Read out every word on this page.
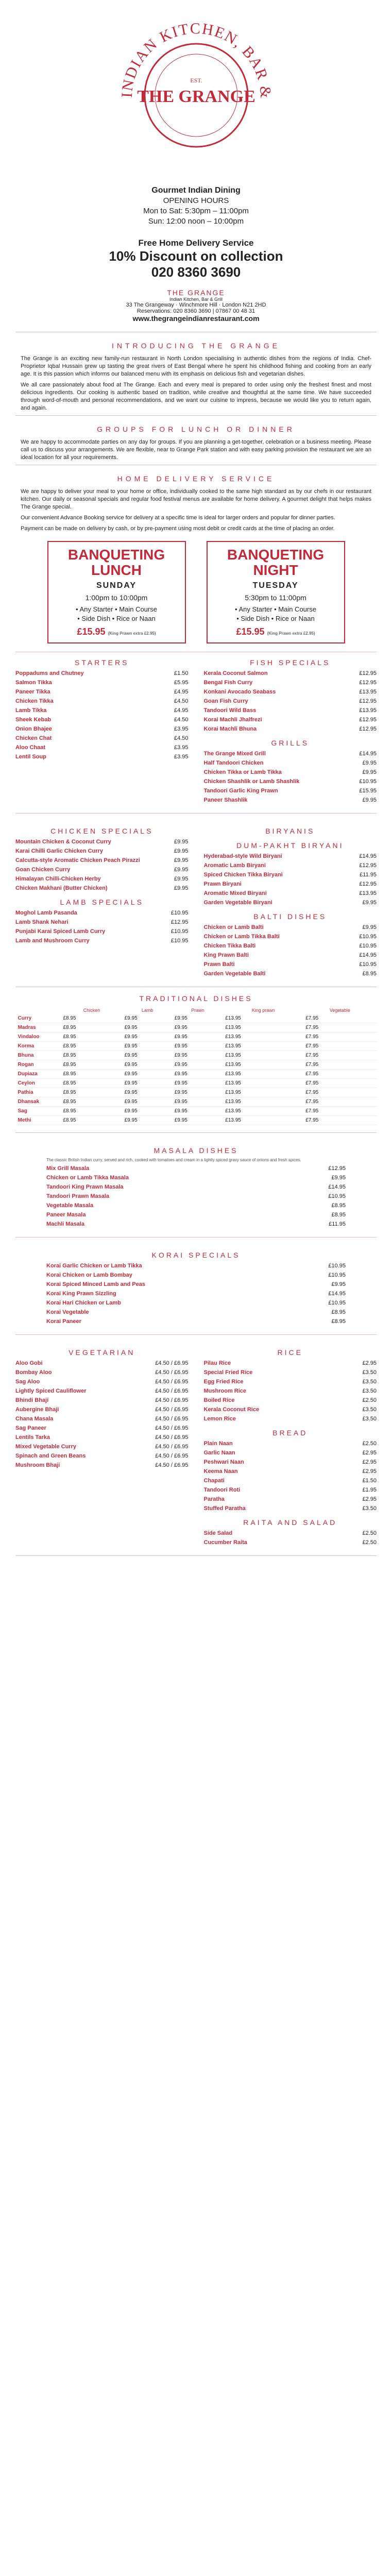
INDIAN KITCHEN, BAR &
THE GRANGE
EST.
Gourmet Indian Dining
OPENING HOURS
Mon to Sat: 5:30pm – 11:00pm
Sun: 12:00 noon – 10:00pm
Free Home Delivery Service
10% Discount on collection
020 8360 3690
THE GRANGE
Indian Kitchen, Bar & Grill
33 The Grangeway · Winchmore Hill · London N21 2HD
Reservations: 020 8360 3690 | 07867 00 48 31
www.thegrangeindianrestaurant.com
INTRODUCING THE GRANGE
The Grange is an exciting new family-run restaurant in North London specialising in authentic dishes from the regions of India. Chef-Proprietor Iqbal Hussain grew up tasting the great rivers of East Bengal where he spent his childhood fishing and cooking from an early age. It is this passion which informs our balanced menu with its emphasis on delicious fish and vegetarian dishes.
We all care passionately about food at The Grange. Each and every meal is prepared to order using only the freshest finest and most delicious ingredients. Our cooking is authentic based on tradition, while creative and thoughtful at the same time. We have succeeded through word-of-mouth and personal recommendations, and we want our cuisine to impress, because we would like you to return again, and again.
GROUPS FOR LUNCH OR DINNER
We are happy to accommodate parties on any day for groups. If you are planning a get-together, celebration or a business meeting. Please call us to discuss your arrangements. We are flexible, near to Grange Park station and with easy parking provision the restaurant we are an ideal location for all your requirements.
HOME DELIVERY SERVICE
We are happy to deliver your meal to your home or office, individually cooked to the same high standard as by our chefs in our restaurant kitchen. Our daily or seasonal specials and regular food festival menus are available for home delivery. A gourmet delight that helps makes The Grange special.
Our convenient Advance Booking service for delivery at a specific time is ideal for larger orders and popular for dinner parties.
Payment can be made on delivery by cash, or by pre-payment using most debit or credit cards at the time of placing an order.
BANQUETING LUNCH
SUNDAY
1:00pm to 10:00pm
• Any Starter • Main Course
• Side Dish • Rice or Naan
£15.95 (King Prawn extra £2.95)
BANQUETING NIGHT
TUESDAY
5:30pm to 11:00pm
• Any Starter • Main Course
• Side Dish • Rice or Naan
£15.95 (King Prawn extra £2.95)
STARTERS
Poppadums and Chutney	£1.50
Salmon Tikka	£5.95
Paneer Tikka	£4.95
Chicken Tikka	£4.50
Lamb Tikka	£4.95
Sheek Kebab	£4.50
Onion Bhajee	£3.95
Chicken Chat	£4.50
Aloo Chaat	£3.95
Lentil Soup	£3.95
FISH SPECIALS
Kerala Coconut Salmon	£12.95
Bengal Fish Curry	£12.95
Konkani Avocado Seabass	£13.95
Goan Fish Curry	£12.95
Tandoori Wild Bass	£13.95
Korai Machli Jhalfrezi	£12.95
Korai Machli Bhuna	£12.95
GRILLS
The Grange Mixed Grill	£14.95
Half Tandoori Chicken	£9.95
Chicken Tikka or Lamb Tikka	£9.95
Chicken Shashlik or Lamb Shashlik	£10.95
Tandoori Garlic King Prawn	£15.95
Paneer Shashlik	£9.95
CHICKEN SPECIALS
Mountain Chicken & Coconut Curry	£9.95
Karai Chilli Garlic Chicken Curry	£9.95
Calcutta-style Aromatic Chicken Peach Pirazzi	£9.95
Goan Chicken Curry	£9.95
Himalayan Chilli-Chicken Herby	£9.95
Chicken Makhani (Butter Chicken)	£9.95
LAMB SPECIALS
Moghol Lamb Pasanda	£10.95
Lamb Shank Nehari	£12.95
Punjabi Karai Spiced Lamb Curry	£10.95
Lamb and Mushroom Curry	£10.95
BIRYANIS
DUM-PAKHT BIRYANI
Hyderabad-style Wild Biryani	£14.95
Aromatic Lamb Biryani	£12.95
Spiced Chicken Tikka Biryani	£11.95
Prawn Biryani	£12.95
Aromatic Mixed Biryani	£13.95
Garden Vegetable Biryani	£9.95
BALTI DISHES
Chicken or Lamb Balti	£9.95
Chicken or Lamb Tikka Balti	£10.95
Chicken Tikka Balti	£10.95
King Prawn Balti	£14.95
Prawn Balti	£10.95
Garden Vegetable Balti	£8.95
TRADITIONAL DISHES
	Chicken	Lamb	Prawn	King prawn	Vegetable
Curry	£8.95	£9.95	£9.95	£13.95	£7.95
Madras	£8.95	£9.95	£9.95	£13.95	£7.95
Vindaloo	£8.95	£9.95	£9.95	£13.95	£7.95
Korma	£8.95	£9.95	£9.95	£13.95	£7.95
Bhuna	£8.95	£9.95	£9.95	£13.95	£7.95
Rogan	£8.95	£9.95	£9.95	£13.95	£7.95
Dupiaza	£8.95	£9.95	£9.95	£13.95	£7.95
Ceylon	£8.95	£9.95	£9.95	£13.95	£7.95
Pathia	£8.95	£9.95	£9.95	£13.95	£7.95
Dhansak	£8.95	£9.95	£9.95	£13.95	£7.95
Sag	£8.95	£9.95	£9.95	£13.95	£7.95
Methi	£8.95	£9.95	£9.95	£13.95	£7.95
MASALA DISHES
The classic British Indian curry, served and rich, cooked with tomatoes and cream in a lightly spiced gravy sauce of onions and fresh spices.
Mix Grill Masala	£12.95
Chicken or Lamb Tikka Masala	£9.95
Tandoori King Prawn Masala	£14.95
Tandoori Prawn Masala	£10.95
Vegetable Masala	£8.95
Paneer Masala	£8.95
Machli Masala	£11.95
KORAI SPECIALS
Korai Garlic Chicken or Lamb Tikka	£10.95
Korai Chicken or Lamb Bombay	£10.95
Korai Spiced Minced Lamb and Peas	£9.95
Korai King Prawn Sizzling	£14.95
Korai Hari Chicken or Lamb	£10.95
Korai Vegetable	£8.95
Korai Paneer	£8.95
VEGETARIAN
Aloo Gobi	£4.50 / £6.95
Bombay Aloo	£4.50 / £6.95
Sag Aloo	£4.50 / £6.95
Lightly Spiced Cauliflower	£4.50 / £6.95
Bhindi Bhaji	£4.50 / £6.95
Aubergine Bhaji	£4.50 / £6.95
Chana Masala	£4.50 / £6.95
Sag Paneer	£4.50 / £6.95
Lentils Tarka	£4.50 / £6.95
Mixed Vegetable Curry	£4.50 / £6.95
Spinach and Green Beans	£4.50 / £6.95
Mushroom Bhaji	£4.50 / £6.95
RICE
Pilau Rice	£2.95
Special Fried Rice	£3.50
Egg Fried Rice	£3.50
Mushroom Rice	£3.50
Boiled Rice	£2.50
Kerala Coconut Rice	£3.50
Lemon Rice	£3.50
BREAD
Plain Naan	£2.50
Garlic Naan	£2.95
Peshwari Naan	£2.95
Keema Naan	£2.95
Chapati	£1.50
Tandoori Roti	£1.95
Paratha	£2.95
Stuffed Paratha	£3.50
RAITA AND SALAD
Side Salad	£2.50
Cucumber Raita	£2.50
